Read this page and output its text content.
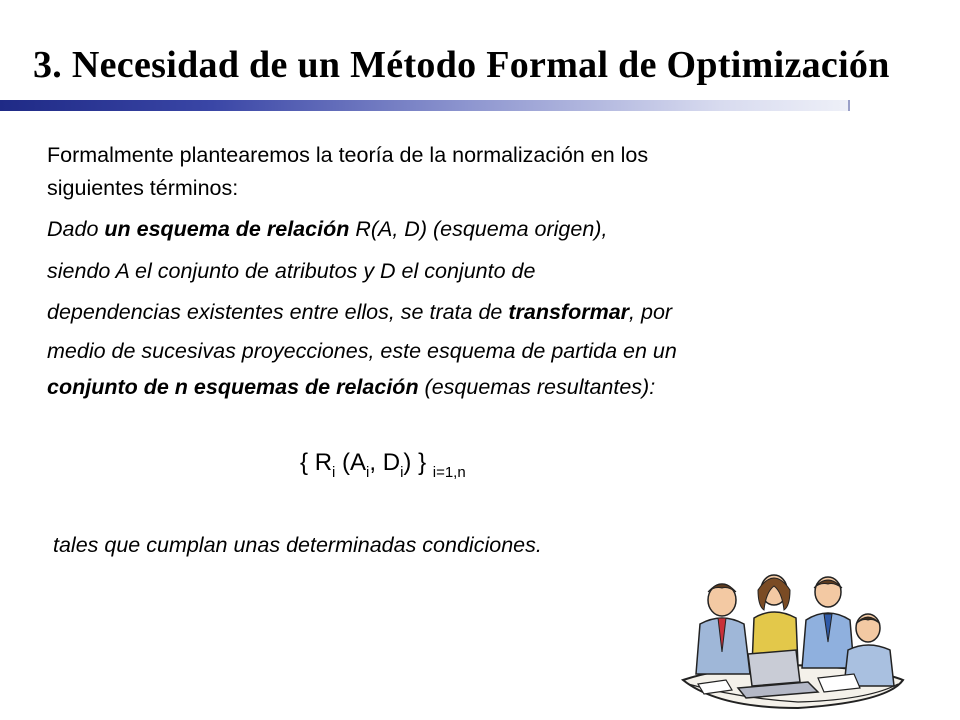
3. Necesidad de un Método Formal de Optimización
Formalmente plantearemos la teoría de la normalización en los
siguientes términos:
Dado un esquema de relación R(A, D) (esquema origen),
siendo A el conjunto de atributos y D el conjunto de
dependencias existentes entre ellos, se trata de transformar, por
medio de sucesivas proyecciones, este esquema de partida en un
conjunto de n esquemas de relación (esquemas resultantes):
tales que cumplan unas determinadas condiciones.
{ $R_i$ ($A_i$, $D_i$) } $_{i=1,n}$
